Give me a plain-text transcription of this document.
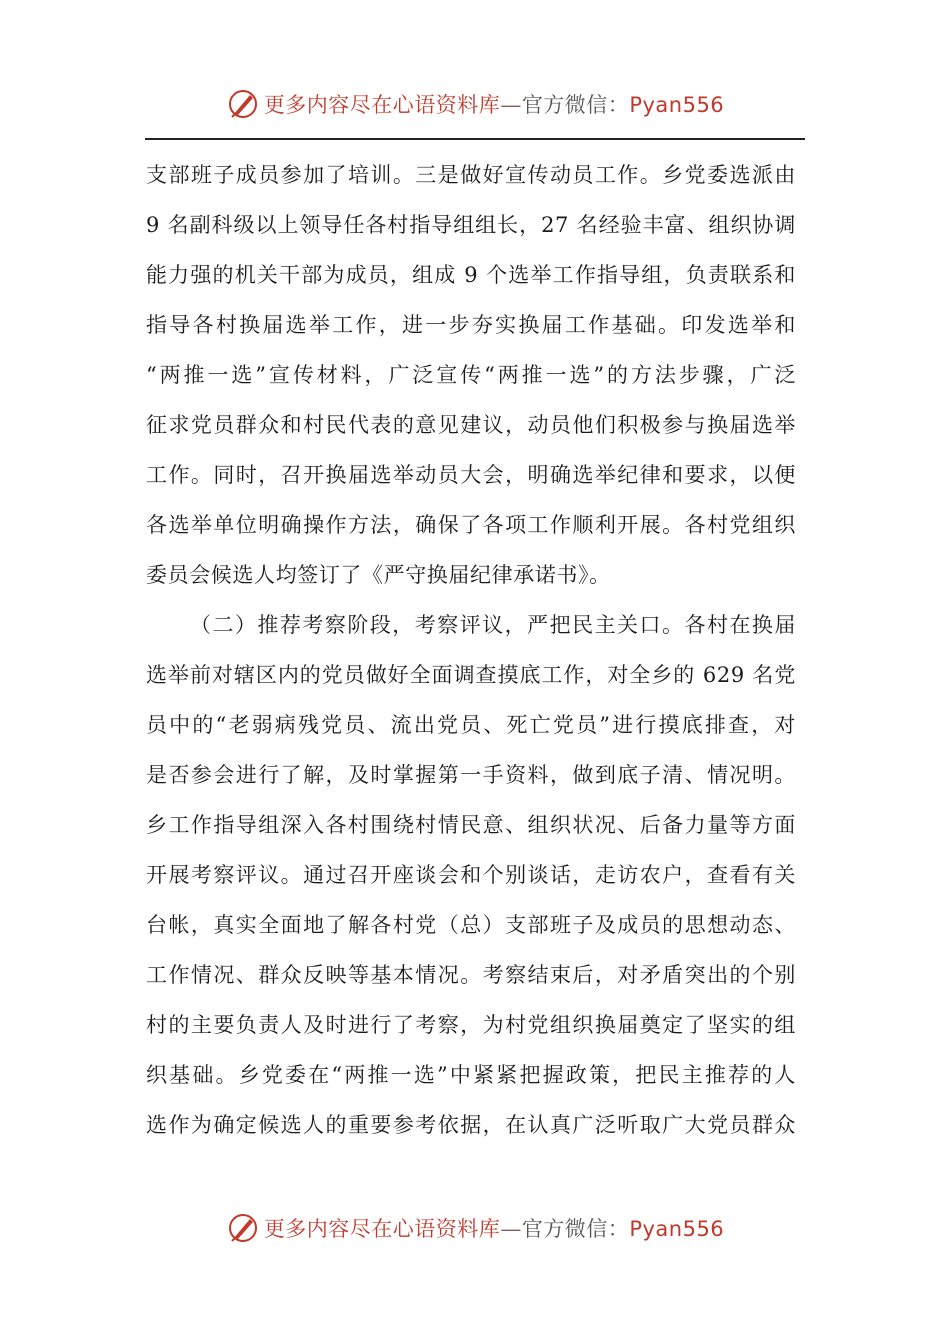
更多内容尽在心语资料库—官方微信：Pyan556
支部班子成员参加了培训。三是做好宣传动员工作。乡党委选派由
9 名副科级以上领导任各村指导组组长，27 名经验丰富、组织协调
能力强的机关干部为成员，组成 9 个选举工作指导组，负责联系和
指导各村换届选举工作，进一步夯实换届工作基础。印发选举和
“两推一选”宣传材料，广泛宣传“两推一选”的方法步骤，广泛
征求党员群众和村民代表的意见建议，动员他们积极参与换届选举
工作。同时，召开换届选举动员大会，明确选举纪律和要求，以便
各选举单位明确操作方法，确保了各项工作顺利开展。各村党组织
委员会候选人均签订了《严守换届纪律承诺书》。
（二）推荐考察阶段，考察评议，严把民主关口。各村在换届
选举前对辖区内的党员做好全面调查摸底工作，对全乡的 629 名党
员中的“老弱病残党员、流出党员、死亡党员”进行摸底排查，对
是否参会进行了解，及时掌握第一手资料，做到底子清、情况明。
乡工作指导组深入各村围绕村情民意、组织状况、后备力量等方面
开展考察评议。通过召开座谈会和个别谈话，走访农户，查看有关
台帐，真实全面地了解各村党（总）支部班子及成员的思想动态、
工作情况、群众反映等基本情况。考察结束后，对矛盾突出的个别
村的主要负责人及时进行了考察，为村党组织换届奠定了坚实的组
织基础。乡党委在“两推一选”中紧紧把握政策，把民主推荐的人
选作为确定候选人的重要参考依据，在认真广泛听取广大党员群众
更多内容尽在心语资料库—官方微信：Pyan556
